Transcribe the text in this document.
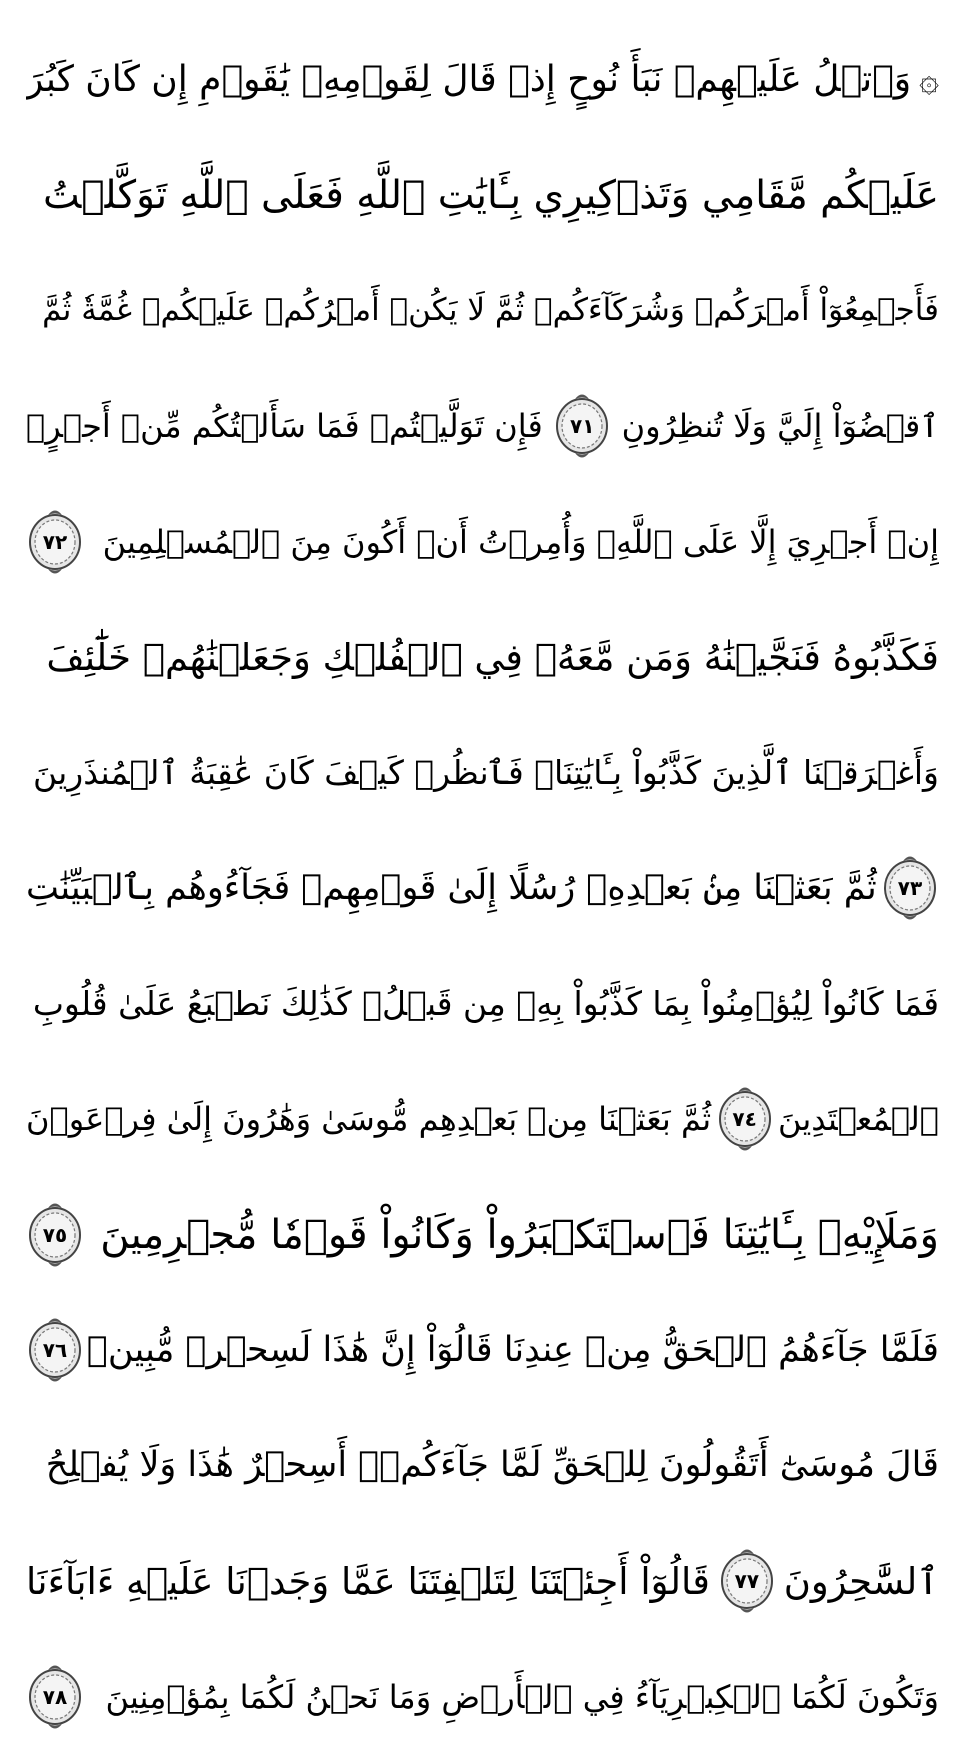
۞
وَٱتۡلُ عَلَيۡهِمۡ نَبَأَ نُوحٍ إِذۡ قَالَ لِقَوۡمِهِۦ يَٰقَوۡمِ إِن كَانَ كَبُرَ
عَلَيۡكُم مَّقَامِي وَتَذۡكِيرِي بِـَٔايَٰتِ ٱللَّهِ فَعَلَى ٱللَّهِ تَوَكَّلۡتُ
فَأَجۡمِعُوٓاْ أَمۡرَكُمۡ وَشُرَكَآءَكُمۡ ثُمَّ لَا يَكُنۡ أَمۡرُكُمۡ عَلَيۡكُمۡ غُمَّةٗ ثُمَّ
ٱقۡضُوٓاْ إِلَيَّ وَلَا تُنظِرُونِ
٧١
فَإِن تَوَلَّيۡتُمۡ فَمَا سَأَلۡتُكُم مِّنۡ أَجۡرٍۖ
إِنۡ أَجۡرِيَ إِلَّا عَلَى ٱللَّهِۖ وَأُمِرۡتُ أَنۡ أَكُونَ مِنَ ٱلۡمُسۡلِمِينَ
٧٢
فَكَذَّبُوهُ فَنَجَّيۡنَٰهُ وَمَن مَّعَهُۥ فِي ٱلۡفُلۡكِ وَجَعَلۡنَٰهُمۡ خَلَٰٓئِفَ
وَأَغۡرَقۡنَا ٱلَّذِينَ كَذَّبُواْ بِـَٔايَٰتِنَاۖ فَٱنظُرۡ كَيۡفَ كَانَ عَٰقِبَةُ ٱلۡمُنذَرِينَ
٧٣
ثُمَّ بَعَثۡنَا مِنۢ بَعۡدِهِۦ رُسُلًا إِلَىٰ قَوۡمِهِمۡ فَجَآءُوهُم بِٱلۡبَيِّنَٰتِ
فَمَا كَانُواْ لِيُؤۡمِنُواْ بِمَا كَذَّبُواْ بِهِۦ مِن قَبۡلُۚ كَذَٰلِكَ نَطۡبَعُ عَلَىٰ قُلُوبِ
ٱلۡمُعۡتَدِينَ
٧٤
ثُمَّ بَعَثۡنَا مِنۢ بَعۡدِهِم مُّوسَىٰ وَهَٰرُونَ إِلَىٰ فِرۡعَوۡنَ
وَمَلَإِيْهِۦ بِـَٔايَٰتِنَا فَٱسۡتَكۡبَرُواْ وَكَانُواْ قَوۡمٗا مُّجۡرِمِينَ
٧٥
فَلَمَّا جَآءَهُمُ ٱلۡحَقُّ مِنۡ عِندِنَا قَالُوٓاْ إِنَّ هَٰذَا لَسِحۡرٞ مُّبِينٞ
٧٦
قَالَ مُوسَىٰٓ أَتَقُولُونَ لِلۡحَقِّ لَمَّا جَآءَكُمۡۖ أَسِحۡرٌ هَٰذَا وَلَا يُفۡلِحُ
ٱلسَّٰحِرُونَ
٧٧
قَالُوٓاْ أَجِئۡتَنَا لِتَلۡفِتَنَا عَمَّا وَجَدۡنَا عَلَيۡهِ ءَابَآءَنَا
وَتَكُونَ لَكُمَا ٱلۡكِبۡرِيَآءُ فِي ٱلۡأَرۡضِ وَمَا نَحۡنُ لَكُمَا بِمُؤۡمِنِينَ
٧٨
